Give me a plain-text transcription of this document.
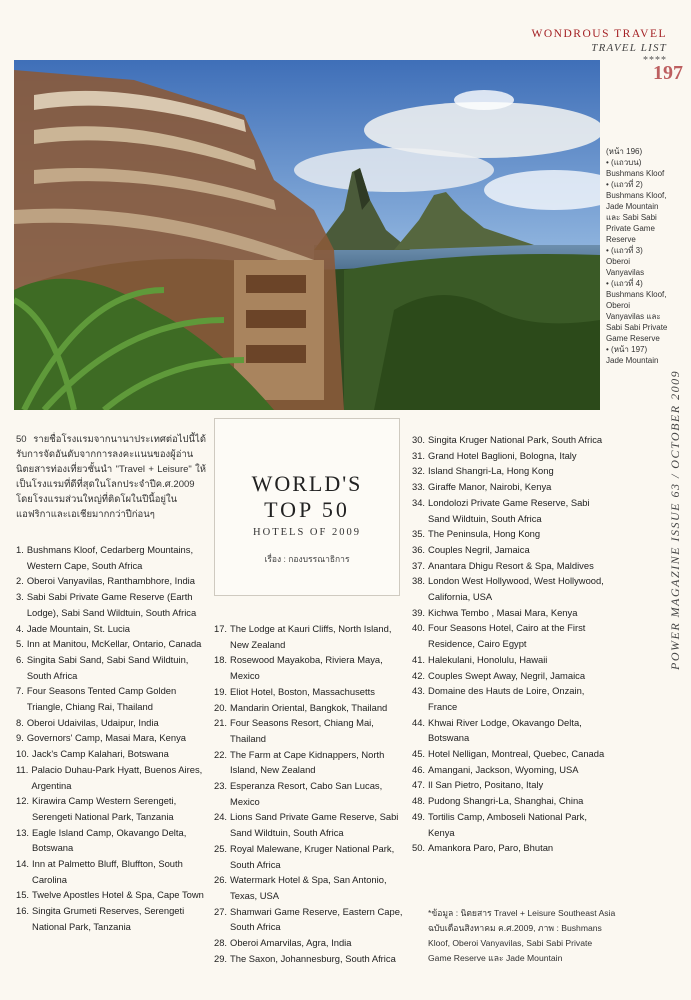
WONDROUS TRAVEL
TRAVEL LIST
****
197
(หน้า 196)
• (แถวบน)
Bushmans Kloof
• (แถวที่ 2)
Bushmans Kloof, Jade Mountain และ Sabi Sabi Private Game Reserve
• (แถวที่ 3)
Oberoi Vanyavilas
• (แถวที่ 4)
Bushmans Kloof, Oberoi Vanyavilas และ Sabi Sabi Private Game Reserve
• (หน้า 197)
Jade Mountain
POWER MAGAZINE ISSUE 63 / OCTOBER 2009
50 รายชื่อโรงแรมจากนานาประเทศต่อไปนี้ได้รับการจัดอันดับจากการลงคะแนนของผู้อ่านนิตยสารท่องเที่ยวชั้นนำ "Travel + Leisure" ให้เป็นโรงแรมที่ดีที่สุดในโลกประจำปีค.ศ.2009 โดยโรงแรมส่วนใหญ่ที่ติดโผในปีนี้อยู่ในแอฟริกาและเอเชียมากกว่าปีก่อนๆ
WORLD'S
TOP 50
HOTELS OF 2009
เรื่อง : กองบรรณาธิการ
1. Bushmans Kloof, Cedarberg Mountains, Western Cape, South Africa
2. Oberoi Vanyavilas, Ranthambhore, India
3. Sabi Sabi Private Game Reserve (Earth Lodge), Sabi Sand Wildtuin, South Africa
4. Jade Mountain, St. Lucia
5. Inn at Manitou, McKellar, Ontario, Canada
6. Singita Sabi Sand, Sabi Sand Wildtuin, South Africa
7. Four Seasons Tented Camp Golden Triangle, Chiang Rai, Thailand
8. Oberoi Udaivilas, Udaipur, India
9. Governors' Camp, Masai Mara, Kenya
10. Jack's Camp Kalahari, Botswana
11. Palacio Duhau-Park Hyatt, Buenos Aires, Argentina
12. Kirawira Camp Western Serengeti, Serengeti National Park, Tanzania
13. Eagle Island Camp, Okavango Delta, Botswana
14. Inn at Palmetto Bluff, Bluffton, South Carolina
15. Twelve Apostles Hotel & Spa, Cape Town
16. Singita Grumeti Reserves, Serengeti National Park, Tanzania
17. The Lodge at Kauri Cliffs, North Island, New Zealand
18. Rosewood Mayakoba, Riviera Maya, Mexico
19. Eliot Hotel, Boston, Massachusetts
20. Mandarin Oriental, Bangkok, Thailand
21. Four Seasons Resort, Chiang Mai, Thailand
22. The Farm at Cape Kidnappers, North Island, New Zealand
23. Esperanza Resort, Cabo San Lucas, Mexico
24. Lions Sand Private Game Reserve, Sabi Sand Wildtuin, South Africa
25. Royal Malewane, Kruger National Park, South Africa
26. Watermark Hotel & Spa, San Antonio, Texas, USA
27. Shamwari Game Reserve, Eastern Cape, South Africa
28. Oberoi Amarvilas, Agra, India
29. The Saxon, Johannesburg, South Africa
30. Singita Kruger National Park, South Africa
31. Grand Hotel Baglioni, Bologna, Italy
32. Island Shangri-La, Hong Kong
33. Giraffe Manor, Nairobi, Kenya
34. Londolozi Private Game Reserve, Sabi Sand Wildtuin, South Africa
35. The Peninsula, Hong Kong
36. Couples Negril, Jamaica
37. Anantara Dhigu Resort & Spa, Maldives
38. London West Hollywood, West Hollywood, California, USA
39. Kichwa Tembo , Masai Mara, Kenya
40. Four Seasons Hotel, Cairo at the First Residence, Cairo Egypt
41. Halekulani, Honolulu, Hawaii
42. Couples Swept Away, Negril, Jamaica
43. Domaine des Hauts de Loire, Onzain, France
44. Khwai River Lodge, Okavango Delta, Botswana
45. Hotel Nelligan, Montreal, Quebec, Canada
46. Amangani, Jackson, Wyoming, USA
47. Il San Pietro, Positano, Italy
48. Pudong Shangri-La, Shanghai, China
49. Tortilis Camp, Amboseli National Park, Kenya
50. Amankora Paro, Paro, Bhutan
*ข้อมูล : นิตยสาร Travel + Leisure Southeast Asia ฉบับเดือนสิงหาคม ค.ศ.2009, ภาพ : Bushmans Kloof, Oberoi Vanyavilas, Sabi Sabi Private Game Reserve และ Jade Mountain
